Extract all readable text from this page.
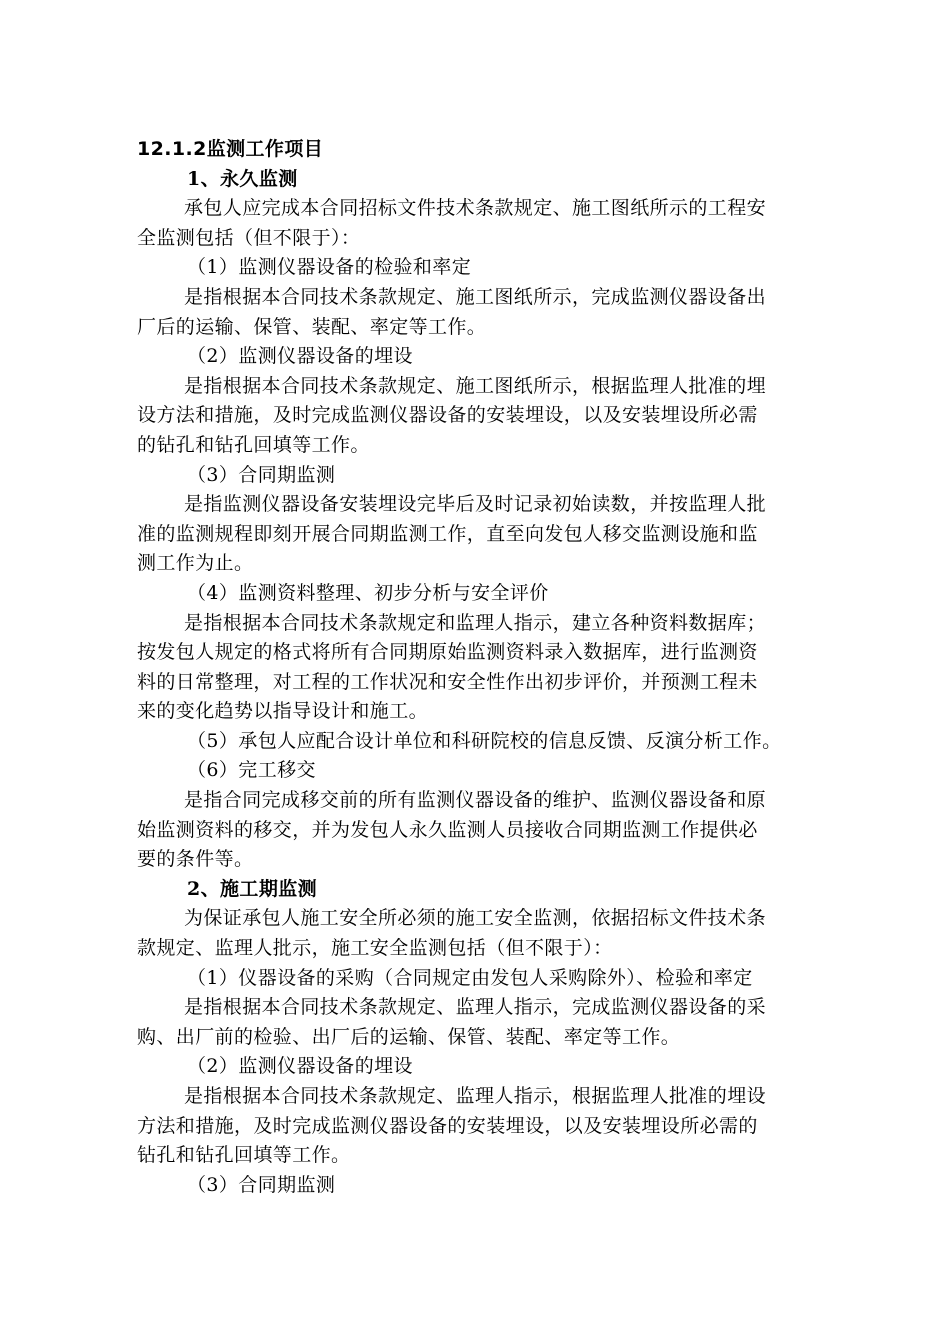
12.1.2监测工作项目
1、永久监测
承包人应完成本合同招标文件技术条款规定、施工图纸所示的工程安
全监测包括（但不限于）：
（1）监测仪器设备的检验和率定
是指根据本合同技术条款规定、施工图纸所示，完成监测仪器设备出
厂后的运输、保管、装配、率定等工作。
（2）监测仪器设备的埋设
是指根据本合同技术条款规定、施工图纸所示，根据监理人批准的埋
设方法和措施，及时完成监测仪器设备的安装埋设，以及安装埋设所必需
的钻孔和钻孔回填等工作。
（3）合同期监测
是指监测仪器设备安装埋设完毕后及时记录初始读数，并按监理人批
准的监测规程即刻开展合同期监测工作，直至向发包人移交监测设施和监
测工作为止。
（4）监测资料整理、初步分析与安全评价
是指根据本合同技术条款规定和监理人指示，建立各种资料数据库；
按发包人规定的格式将所有合同期原始监测资料录入数据库，进行监测资
料的日常整理，对工程的工作状况和安全性作出初步评价，并预测工程未
来的变化趋势以指导设计和施工。
（5）承包人应配合设计单位和科研院校的信息反馈、反演分析工作。
（6）完工移交
是指合同完成移交前的所有监测仪器设备的维护、监测仪器设备和原
始监测资料的移交，并为发包人永久监测人员接收合同期监测工作提供必
要的条件等。
2、施工期监测
为保证承包人施工安全所必须的施工安全监测，依据招标文件技术条
款规定、监理人批示，施工安全监测包括（但不限于）：
（1）仪器设备的采购（合同规定由发包人采购除外）、检验和率定
是指根据本合同技术条款规定、监理人指示，完成监测仪器设备的采
购、出厂前的检验、出厂后的运输、保管、装配、率定等工作。
（2）监测仪器设备的埋设
是指根据本合同技术条款规定、监理人指示，根据监理人批准的埋设
方法和措施，及时完成监测仪器设备的安装埋设，以及安装埋设所必需的
钻孔和钻孔回填等工作。
（3）合同期监测
